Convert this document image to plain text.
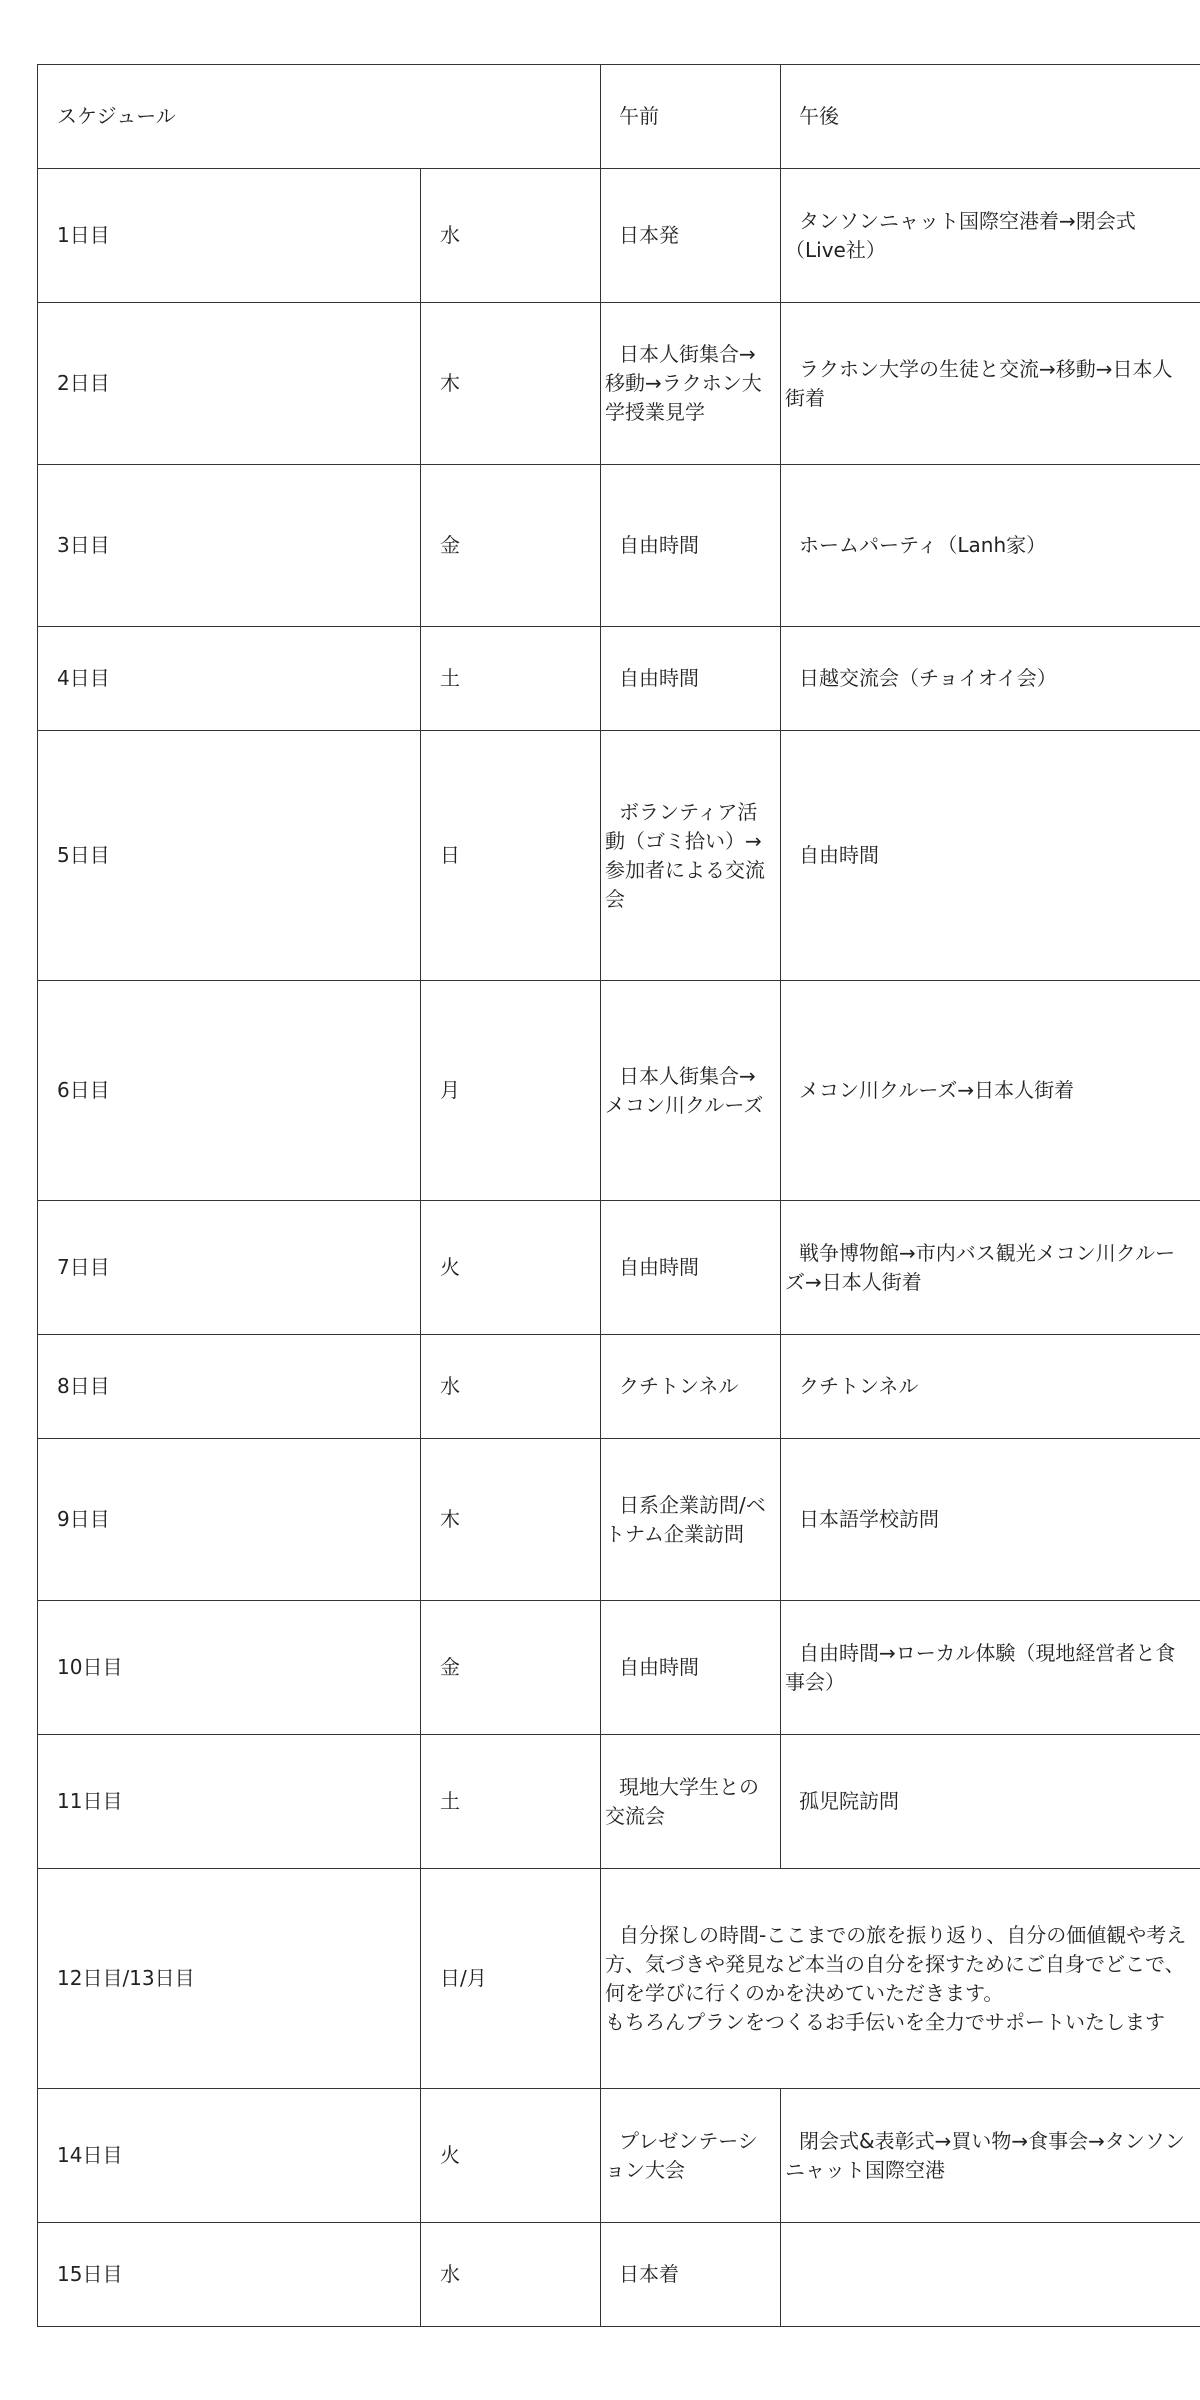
スケジュール		午前	午後
1日目	水	日本発	タンソンニャット国際空港着→閉会式（Live社）
2日目	木	日本人街集合→移動→ラクホン大学授業見学	ラクホン大学の生徒と交流→移動→日本人街着
3日目	金	自由時間	ホームパーティ（Lanh家）
4日目	土	自由時間	日越交流会（チョイオイ会）
5日目	日	ボランティア活動（ゴミ拾い）→参加者による交流会	自由時間
6日目	月	日本人街集合→メコン川クルーズ	メコン川クルーズ→日本人街着
7日目	火	自由時間	戦争博物館→市内バス観光メコン川クルーズ→日本人街着
8日目	水	クチトンネル	クチトンネル
9日目	木	日系企業訪問/ベトナム企業訪問	日本語学校訪問
10日目	金	自由時間	自由時間→ローカル体験（現地経営者と食事会）
11日目	土	現地大学生との交流会	孤児院訪問
12日目/13日目	日/月	自分探しの時間-ここまでの旅を振り返り、自分の価値観や考え方、気づきや発見など本当の自分を探すためにご自身でどこで、何を学びに行くのかを決めていただきます。
もちろんプランをつくるお手伝いを全力でサポートいたします	
14日目	火	プレゼンテーション大会	閉会式&表彰式→買い物→食事会→タンソンニャット国際空港
15日目	水	日本着	
